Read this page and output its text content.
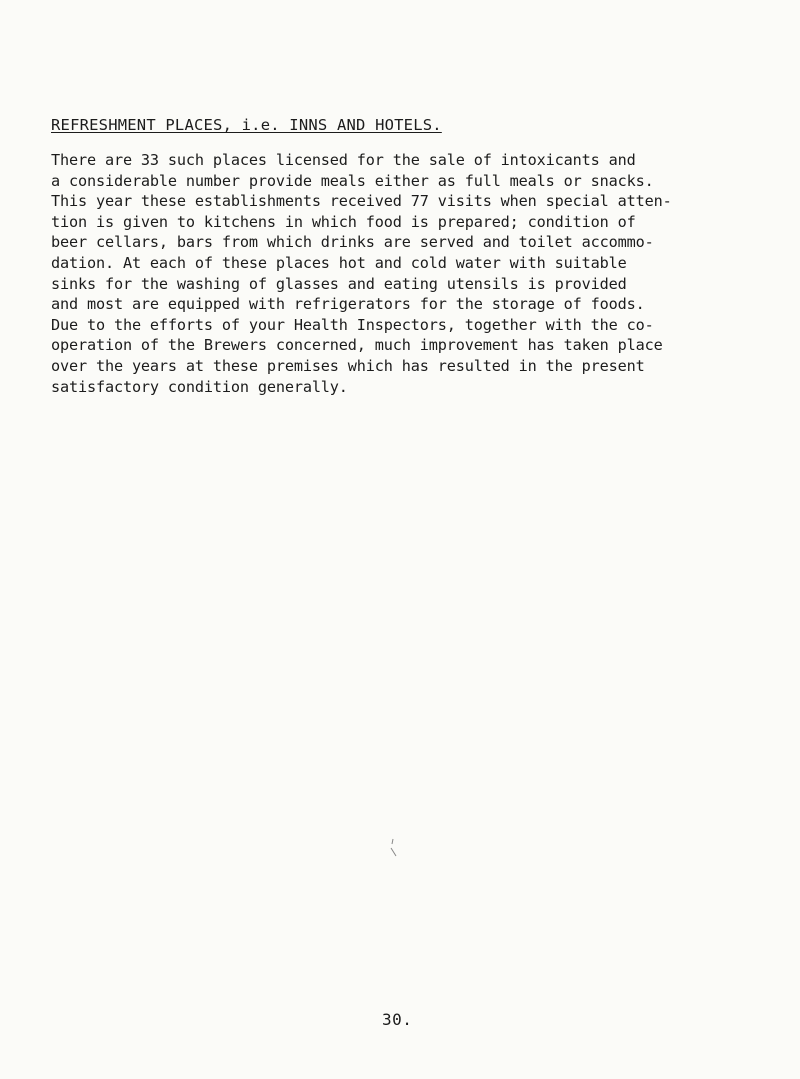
REFRESHMENT PLACES, i.e. INNS AND HOTELS.

There are 33 such places licensed for the sale of intoxicants and
a considerable number provide meals either as full meals or snacks.
This year these establishments received 77 visits when special atten-
tion is given to kitchens in which food is prepared; condition of
beer cellars, bars from which drinks are served and toilet accommo-
dation. At each of these places hot and cold water with suitable
sinks for the washing of glasses and eating utensils is provided
and most are equipped with refrigerators for the storage of foods.
Due to the efforts of your Health Inspectors, together with the co-
operation of the Brewers concerned, much improvement has taken place
over the years at these premises which has resulted in the present
satisfactory condition generally.

30.
